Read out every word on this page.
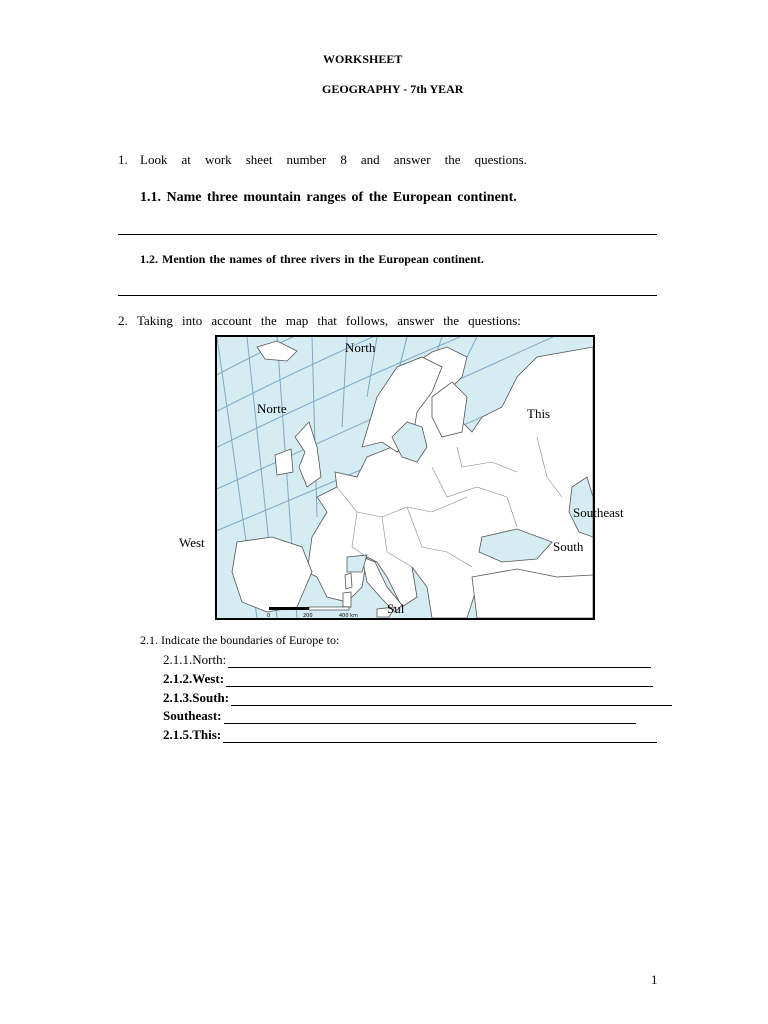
WORKSHEET
GEOGRAPHY - 7th YEAR
1. Look at work sheet number 8 and answer the questions.
1.1. Name three mountain ranges of the European continent.
1.2. Mention the names of three rivers in the European continent.
2. Taking into account the map that follows, answer the questions:
0	200	400 km
North
Norte	This
Southeast
West	South
Sul
2.1. Indicate the boundaries of Europe to:
2.1.1.North:
2.1.2.West:
2.1.3.South:
Southeast:
2.1.5.This:
1
